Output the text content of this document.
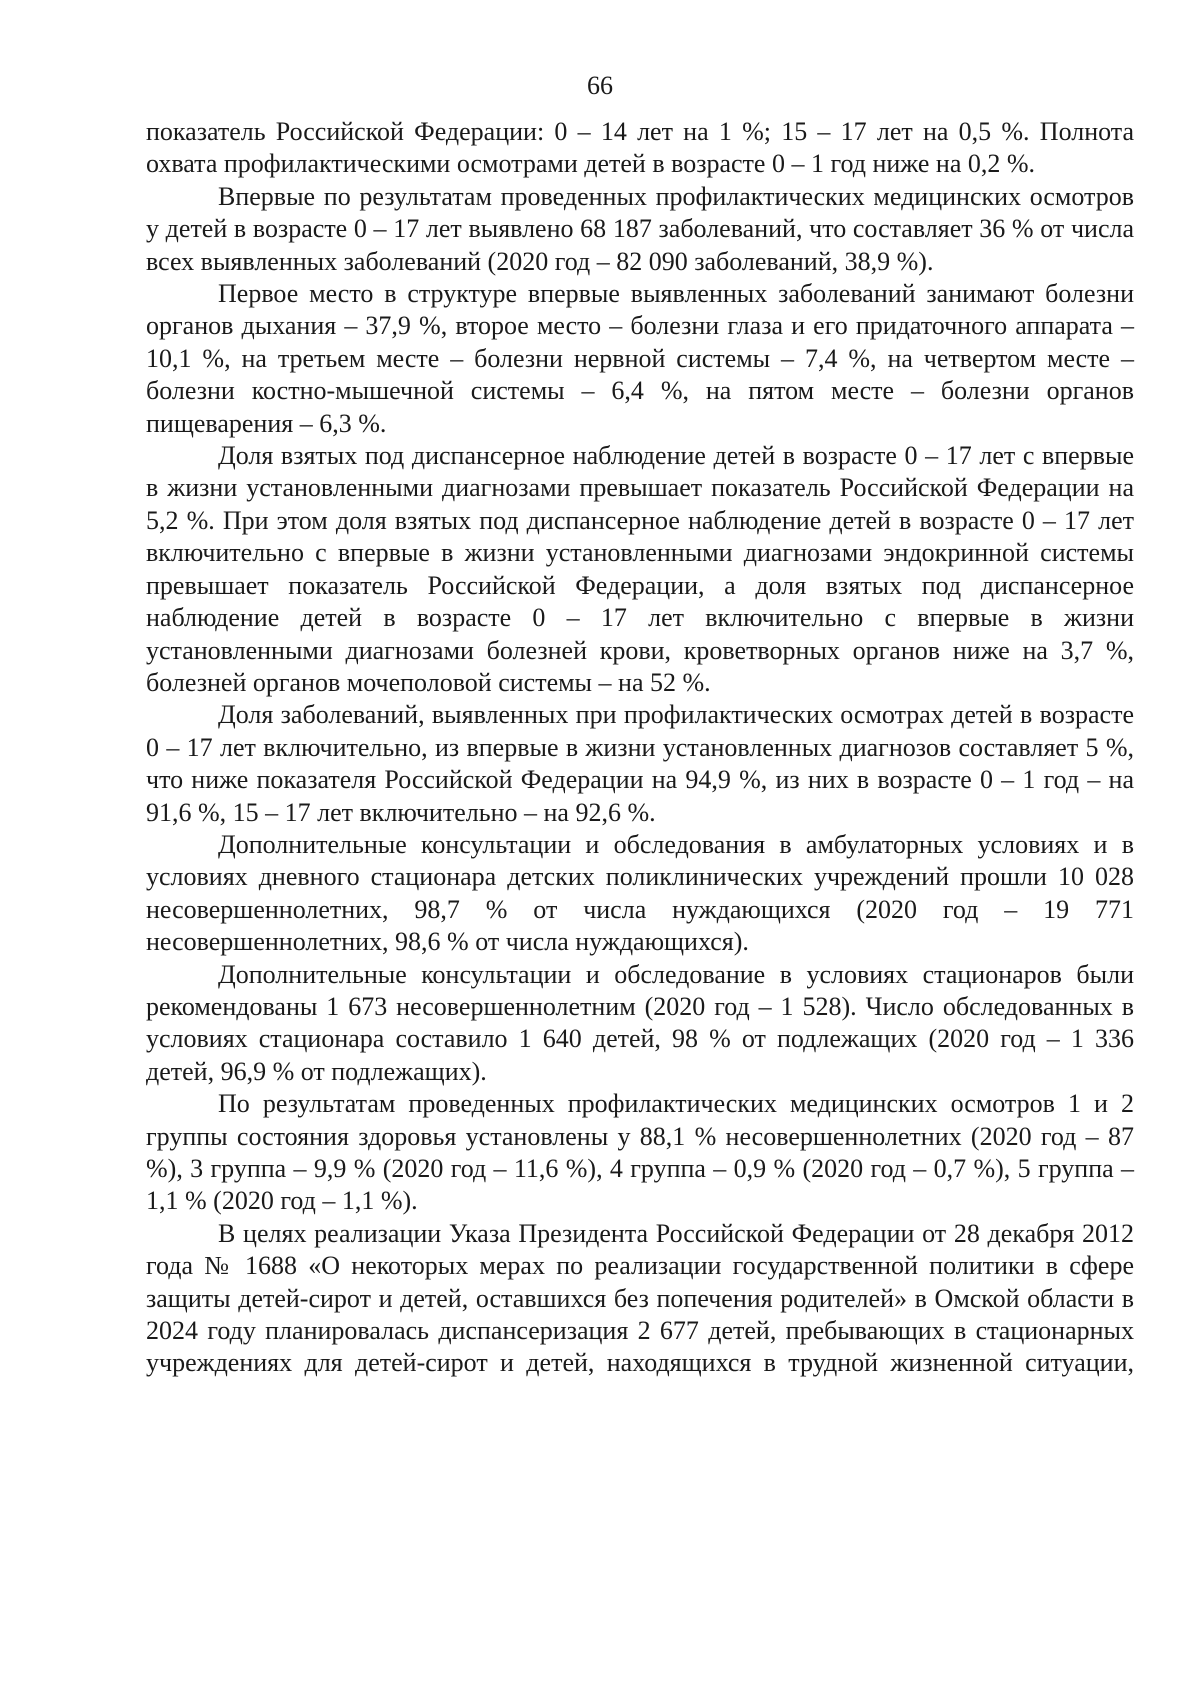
66

показатель Российской Федерации: 0 – 14 лет на 1 %; 15 – 17 лет на 0,5 %. Полнота охвата профилактическими осмотрами детей в возрасте 0 – 1 год ниже на 0,2 %.

Впервые по результатам проведенных профилактических медицинских осмотров у детей в возрасте 0 – 17 лет выявлено 68 187 заболеваний, что составляет 36 % от числа всех выявленных заболеваний (2020 год – 82 090 заболеваний, 38,9 %).

Первое место в структуре впервые выявленных заболеваний занимают болезни органов дыхания – 37,9 %, второе место – болезни глаза и его придаточного аппарата – 10,1 %, на третьем месте – болезни нервной системы – 7,4 %, на четвертом месте – болезни костно-мышечной системы – 6,4 %, на пятом месте – болезни органов пищеварения – 6,3 %.

Доля взятых под диспансерное наблюдение детей в возрасте 0 – 17 лет с впервые в жизни установленными диагнозами превышает показатель Российской Федерации на 5,2 %. При этом доля взятых под диспансерное наблюдение детей в возрасте 0 – 17 лет включительно с впервые в жизни установленными диагнозами эндокринной системы превышает показатель Российской Федерации, а доля взятых под диспансерное наблюдение детей в возрасте 0 – 17 лет включительно с впервые в жизни установленными диагнозами болезней крови, кроветворных органов ниже на 3,7 %, болезней органов мочеполовой системы – на 52 %.

Доля заболеваний, выявленных при профилактических осмотрах детей в возрасте 0 – 17 лет включительно, из впервые в жизни установленных диагнозов составляет 5 %, что ниже показателя Российской Федерации на 94,9 %, из них в возрасте 0 – 1 год – на 91,6 %, 15 – 17 лет включительно – на 92,6 %.

Дополнительные консультации и обследования в амбулаторных условиях и в условиях дневного стационара детских поликлинических учреждений прошли 10 028 несовершеннолетних, 98,7 % от числа нуждающихся (2020 год – 19 771 несовершеннолетних, 98,6 % от числа нуждающихся).

Дополнительные консультации и обследование в условиях стационаров были рекомендованы 1 673 несовершеннолетним (2020 год – 1 528). Число обследованных в условиях стационара составило 1 640 детей, 98 % от подлежащих (2020 год – 1 336 детей, 96,9 % от подлежащих).

По результатам проведенных профилактических медицинских осмотров 1 и 2 группы состояния здоровья установлены у 88,1 % несовершеннолетних (2020 год – 87 %), 3 группа – 9,9 % (2020 год – 11,6 %), 4 группа – 0,9 % (2020 год – 0,7 %), 5 группа – 1,1 % (2020 год – 1,1 %).

В целях реализации Указа Президента Российской Федерации от 28 декабря 2012 года № 1688 «О некоторых мерах по реализации государственной политики в сфере защиты детей-сирот и детей, оставшихся без попечения родителей» в Омской области в 2024 году планировалась диспансеризация 2 677 детей, пребывающих в стационарных учреждениях для детей-сирот и детей, находящихся в трудной жизненной ситуации,
